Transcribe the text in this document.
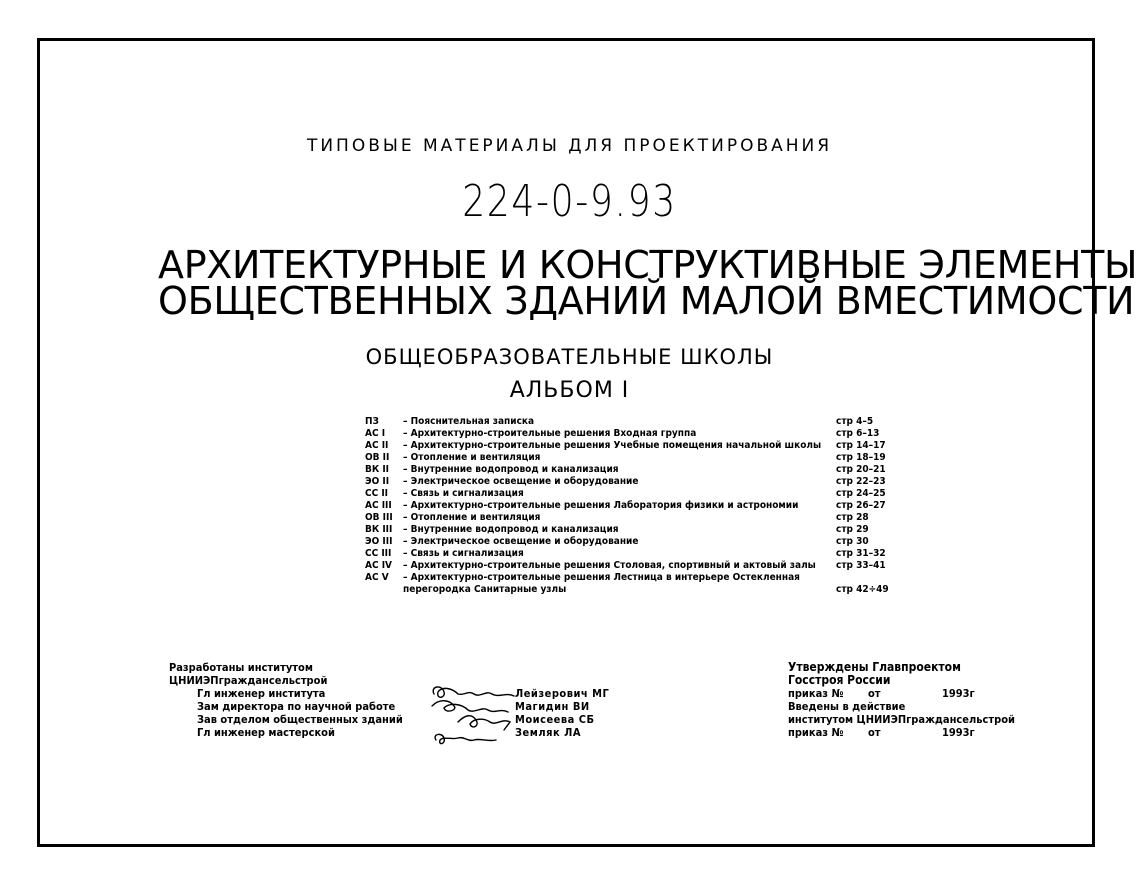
ТИПОВЫЕ МАТЕРИАЛЫ ДЛЯ ПРОЕКТИРОВАНИЯ
224-0-9.93
АРХИТЕКТУРНЫЕ И КОНСТРУКТИВНЫЕ ЭЛЕМЕНТЫ
ОБЩЕСТВЕННЫХ ЗДАНИЙ МАЛОЙ ВМЕСТИМОСТИ
ОБЩЕОБРАЗОВАТЕЛЬНЫЕ ШКОЛЫ
АЛЬБОМ I
ПЗ	– Пояснительная записка	стр 4–5
АС I	– Архитектурно-строительные решения Входная группа	стр 6–13
АС II	– Архитектурно-строительные решения Учебные помещения начальной школы стр 14–17
ОВ II	– Отопление и вентиляция	стр 18–19
ВК II	– Внутренние водопровод и канализация	стр 20–21
ЭО II	– Электрическое освещение и оборудование	стр 22–23
СС II	– Связь и сигнализация	стр 24–25
АС III	– Архитектурно-строительные решения Лаборатория физики и астрономии	стр 26–27
ОВ III	– Отопление и вентиляция	стр 28
ВК III	– Внутренние водопровод и канализация	стр 29
ЭО III	– Электрическое освещение и оборудование	стр 30
СС III	– Связь и сигнализация	стр 31–32
АС IV	– Архитектурно-строительные решения Столовая, спортивный и актовый залы стр 33–41
АС V	– Архитектурно-строительные решения Лестница в интерьере Остекленная
перегородка Санитарные узлы	стр 42÷49
Разработаны институтом
ЦНИИЭПграждансельстрой
Гл инженер института	Лейзерович МГ
Зам директора по научной работе	Магидин ВИ
Зав отделом общественных зданий	Моисеева СБ
Гл инженер мастерской	Земляк ЛА
Утверждены Главпроектом
Госстроя России
приказ № от	1993г
Введены в действие
институтом ЦНИИЭПграждансельстрой
приказ № от	1993г
